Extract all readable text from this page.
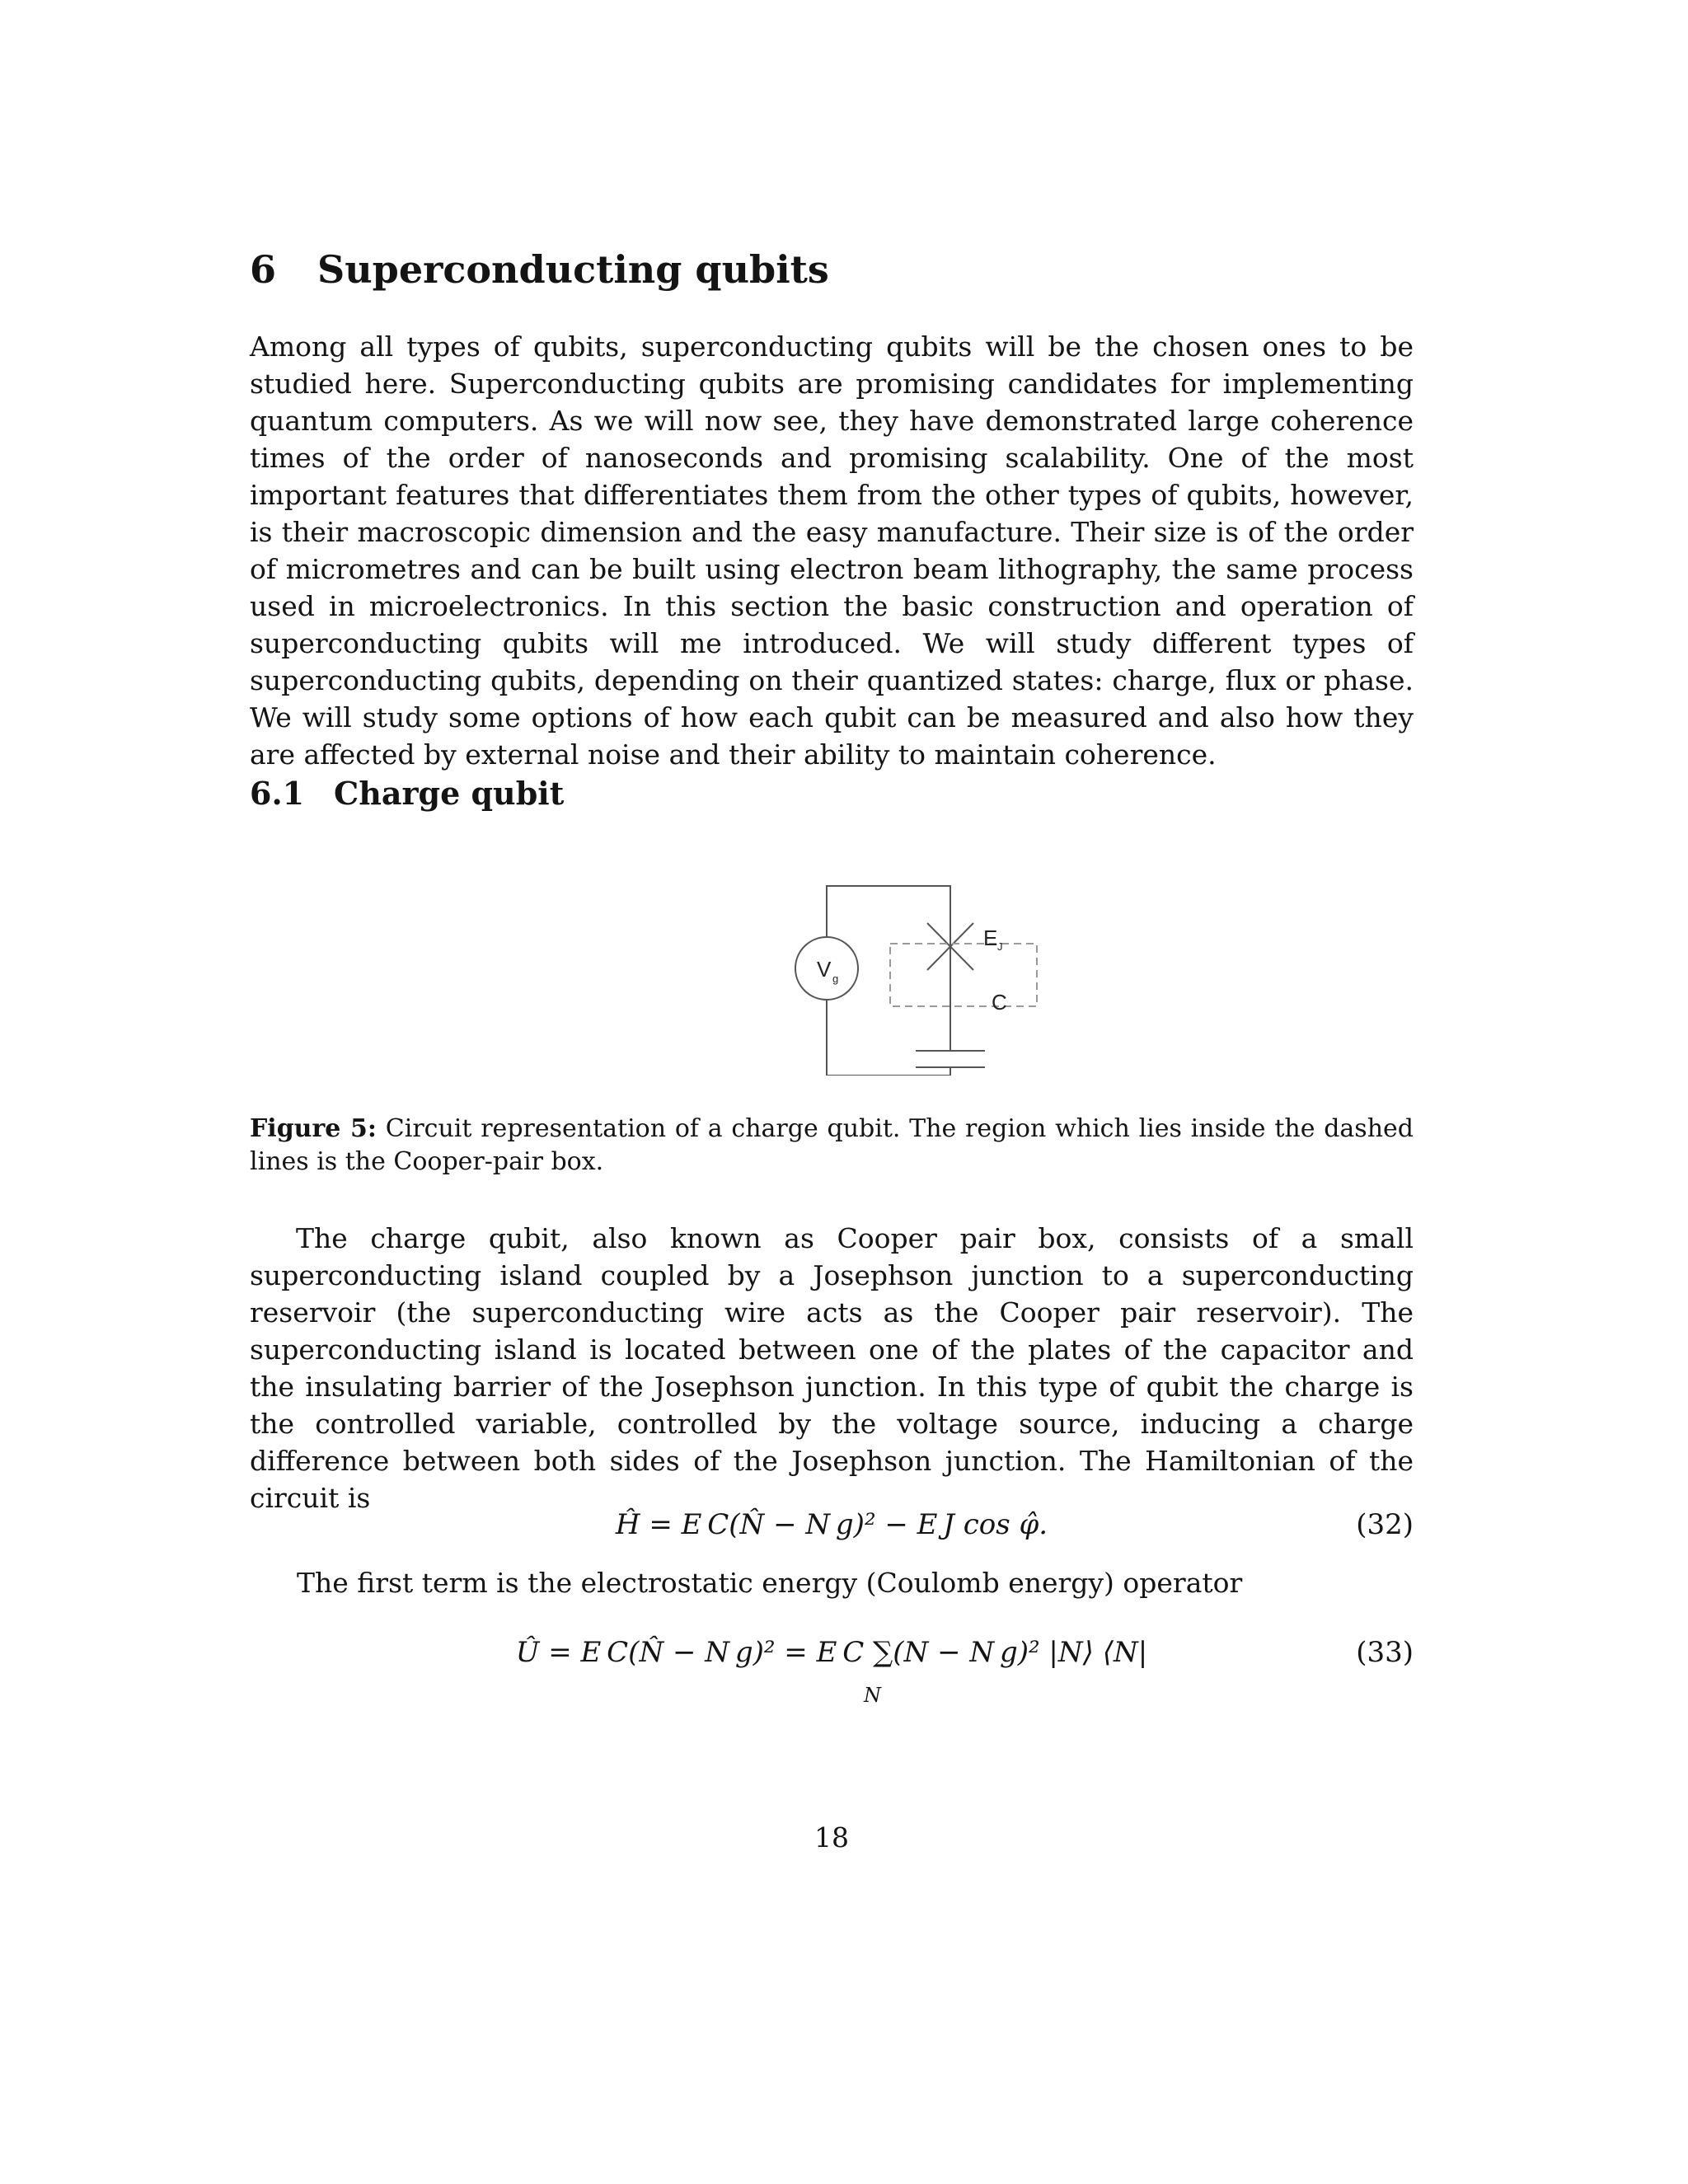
6 Superconducting qubits

Among all types of qubits, superconducting qubits will be the chosen ones to be studied here. Superconducting qubits are promising candidates for implementing quantum computers. As we will now see, they have demonstrated large coherence times of the order of nanoseconds and promising scalability. One of the most important features that differentiates them from the other types of qubits, however, is their macroscopic dimension and the easy manufacture. Their size is of the order of micrometres and can be built using electron beam lithography, the same process used in microelectronics. In this section the basic construction and operation of superconducting qubits will me introduced. We will study different types of superconducting qubits, depending on their quantized states: charge, flux or phase. We will study some options of how each qubit can be measured and also how they are affected by external noise and their ability to maintain coherence.

6.1 Charge qubit
V g
E J
C

Figure 5: Circuit representation of a charge qubit. The region which lies inside the dashed lines is the Cooper-pair box.

The charge qubit, also known as Cooper pair box, consists of a small superconducting island coupled by a Josephson junction to a superconducting reservoir (the superconducting wire acts as the Cooper pair reservoir). The superconducting island is located between one of the plates of the capacitor and the insulating barrier of the Josephson junction. In this type of qubit the charge is the controlled variable, controlled by the voltage source, inducing a charge difference between both sides of the Josephson junction. The Hamiltonian of the circuit is

Ĥ = E C(N̂ − N g)² − E J cos φ̂.	(32)

The first term is the electrostatic energy (Coulomb energy) operator

Û = E C(N̂ − N g)² = E C ∑(N − N g)² |N⟩ ⟨N|
N
(33)
18
